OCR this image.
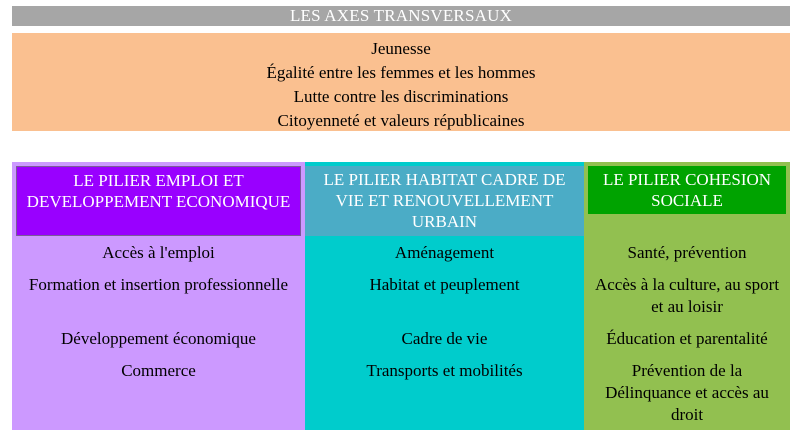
LES AXES TRANSVERSAUX
Jeunesse
Égalité entre les femmes et les hommes
Lutte contre les discriminations
Citoyenneté et valeurs républicaines
LE PILIER EMPLOI ET DEVELOPPEMENT ECONOMIQUE
Accès à l'emploi
Formation et insertion professionnelle
Développement économique
Commerce
LE PILIER HABITAT CADRE DE VIE ET RENOUVELLEMENT URBAIN
Aménagement
Habitat et peuplement
Cadre de vie
Transports et mobilités
LE PILIER COHESION SOCIALE
Santé, prévention
Accès à la culture, au sport et au loisir
Éducation et parentalité
Prévention de la Délinquance et accès au droit
